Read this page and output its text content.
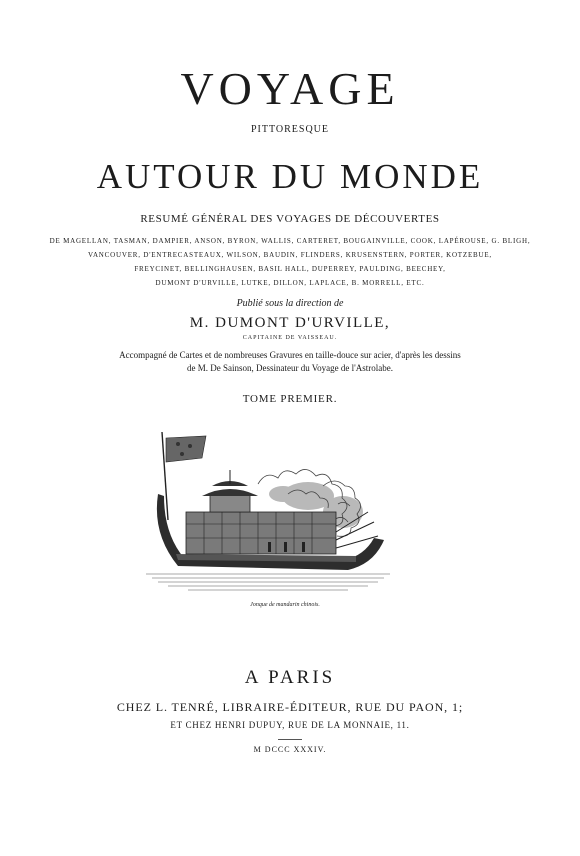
VOYAGE
PITTORESQUE
AUTOUR DU MONDE
RESUMÉ GÉNÉRAL DES VOYAGES DE DÉCOUVERTES
DE MAGELLAN, TASMAN, DAMPIER, ANSON, BYRON, WALLIS, CARTERET, BOUGAINVILLE, COOK, LAPÉROUSE, G. BLIGH,
VANCOUVER, D'ENTRECASTEAUX, WILSON, BAUDIN, FLINDERS, KRUSENSTERN, PORTER, KOTZEBUE,
FREYCINET, BELLINGHAUSEN, BASIL HALL, DUPERREY, PAULDING, BEECHEY,
DUMONT D'URVILLE, LUTKE, DILLON, LAPLACE, B. MORRELL, ETC.
Publié sous la direction de
M. DUMONT D'URVILLE,
CAPITAINE DE VAISSEAU.
Accompagné de Cartes et de nombreuses Gravures en taille-douce sur acier, d'après les dessins
de M. De Sainson, Dessinateur du Voyage de l'Astrolabe.
TOME PREMIER.
Jonque de mandarin chinois.
A PARIS
CHEZ L. TENRÉ, LIBRAIRE-ÉDITEUR, RUE DU PAON, 1;
ET CHEZ HENRI DUPUY, RUE DE LA MONNAIE, 11.
M DCCC XXXIV.
